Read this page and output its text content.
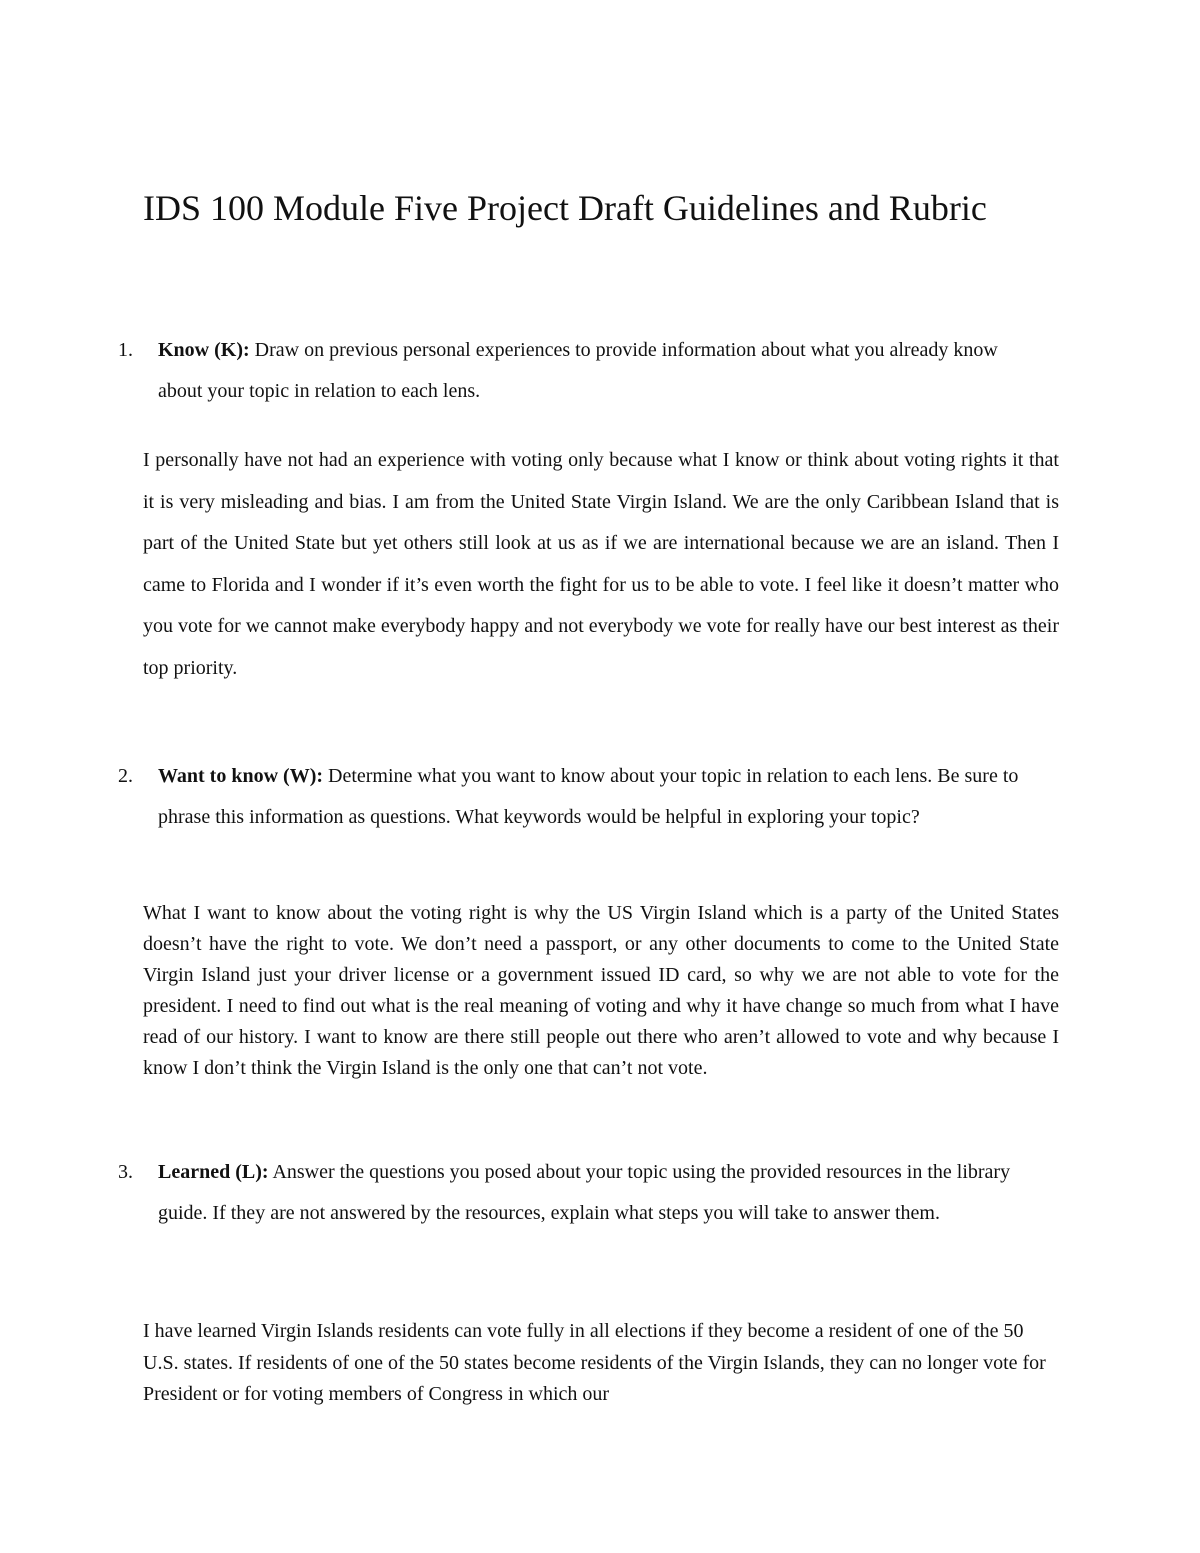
IDS 100 Module Five Project Draft Guidelines and Rubric
1. Know (K): Draw on previous personal experiences to provide information about what you already know about your topic in relation to each lens.
I personally have not had an experience with voting only because what I know or think about voting rights it that it is very misleading and bias. I am from the United State Virgin Island. We are the only Caribbean Island that is part of the United State but yet others still look at us as if we are international because we are an island. Then I came to Florida and I wonder if it’s even worth the fight for us to be able to vote. I feel like it doesn’t matter who you vote for we cannot make everybody happy and not everybody we vote for really have our best interest as their top priority.
2. Want to know (W): Determine what you want to know about your topic in relation to each lens. Be sure to phrase this information as questions. What keywords would be helpful in exploring your topic?
What I want to know about the voting right is why the US Virgin Island which is a party of the United States doesn’t have the right to vote. We don’t need a passport, or any other documents to come to the United State Virgin Island just your driver license or a government issued ID card, so why we are not able to vote for the president. I need to find out what is the real meaning of voting and why it have change so much from what I have read of our history. I want to know are there still people out there who aren’t allowed to vote and why because I know I don’t think the Virgin Island is the only one that can’t not vote.
3. Learned (L): Answer the questions you posed about your topic using the provided resources in the library guide. If they are not answered by the resources, explain what steps you will take to answer them.
I have learned Virgin Islands residents can vote fully in all elections if they become a resident of one of the 50 U.S. states. If residents of one of the 50 states become residents of the Virgin Islands, they can no longer vote for President or for voting members of Congress in which our
